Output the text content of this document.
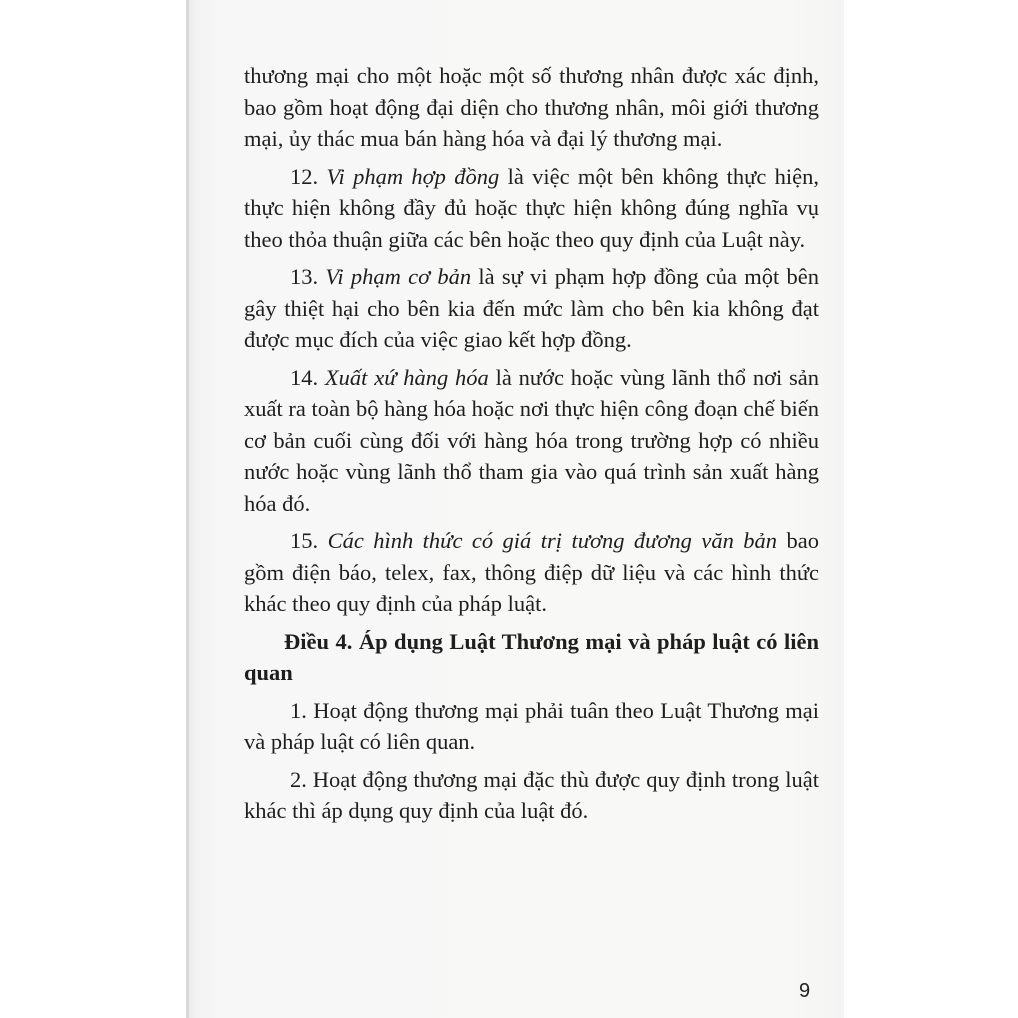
thương mại cho một hoặc một số thương nhân được xác định, bao gồm hoạt động đại diện cho thương nhân, môi giới thương mại, ủy thác mua bán hàng hóa và đại lý thương mại.

12. Vi phạm hợp đồng là việc một bên không thực hiện, thực hiện không đầy đủ hoặc thực hiện không đúng nghĩa vụ theo thỏa thuận giữa các bên hoặc theo quy định của Luật này.

13. Vi phạm cơ bản là sự vi phạm hợp đồng của một bên gây thiệt hại cho bên kia đến mức làm cho bên kia không đạt được mục đích của việc giao kết hợp đồng.

14. Xuất xứ hàng hóa là nước hoặc vùng lãnh thổ nơi sản xuất ra toàn bộ hàng hóa hoặc nơi thực hiện công đoạn chế biến cơ bản cuối cùng đối với hàng hóa trong trường hợp có nhiều nước hoặc vùng lãnh thổ tham gia vào quá trình sản xuất hàng hóa đó.

15. Các hình thức có giá trị tương đương văn bản bao gồm điện báo, telex, fax, thông điệp dữ liệu và các hình thức khác theo quy định của pháp luật.

Điều 4. Áp dụng Luật Thương mại và pháp luật có liên quan

1. Hoạt động thương mại phải tuân theo Luật Thương mại và pháp luật có liên quan.

2. Hoạt động thương mại đặc thù được quy định trong luật khác thì áp dụng quy định của luật đó.

9
